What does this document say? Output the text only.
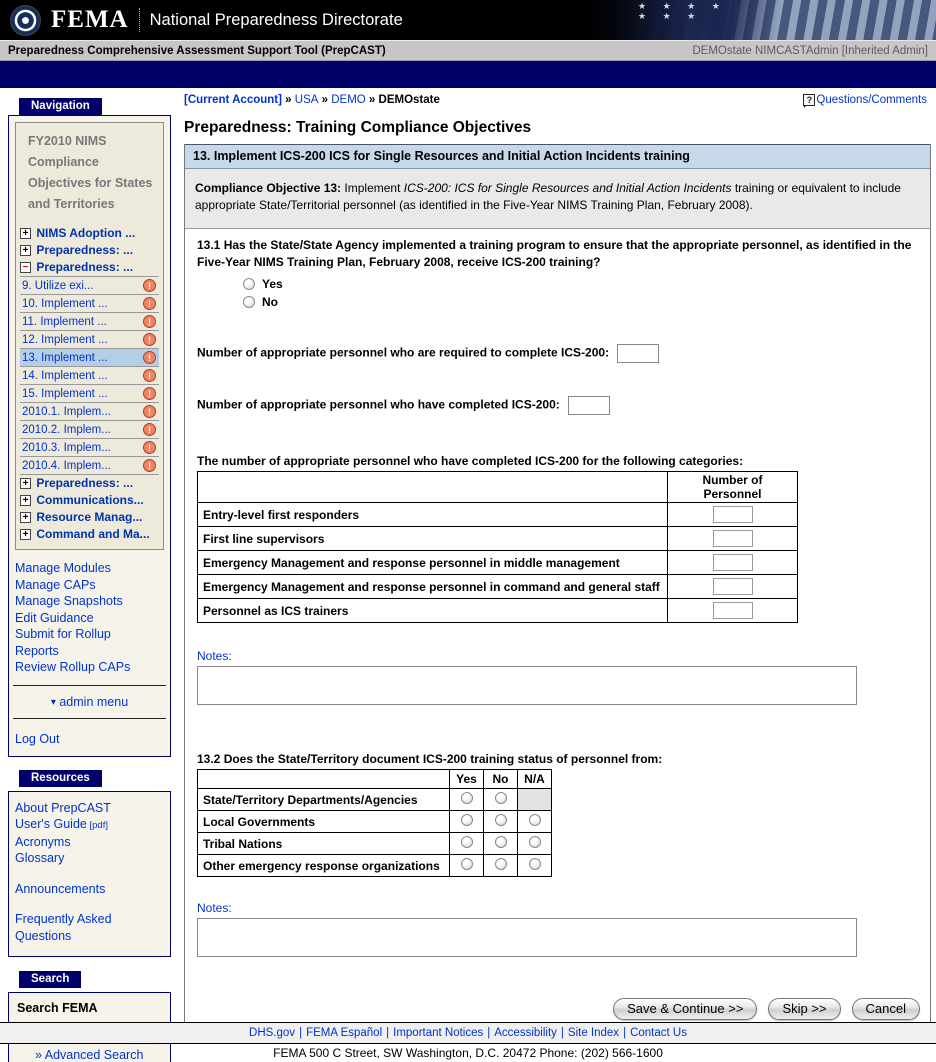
★ ★ ★ ★
★ ★ ★
FEMA National Preparedness Directorate
Preparedness Comprehensive Assessment Support Tool (PrepCAST)	DEMOstate NIMCASTAdmin [Inherited Admin]
Navigation
FY2010 NIMS Compliance Objectives for States and Territories
+ NIMS Adoption ...
+ Preparedness: ...
− Preparedness: ...
9. Utilize exi...	!
10. Implement ...	!
11. Implement ...	!
12. Implement ...	!
13. Implement ...	!
14. Implement ...	!
15. Implement ...	!
2010.1. Implem...	!
2010.2. Implem...	!
2010.3. Implem...	!
2010.4. Implem...	!
+ Preparedness: ...
+ Communications...
+ Resource Manag...
+ Command and Ma...
Manage Modules
Manage CAPs
Manage Snapshots
Edit Guidance
Submit for Rollup
Reports
Review Rollup CAPs
▾ admin menu
Log Out
Resources
About PrepCAST
User's Guide [pdf]
Acronyms
Glossary
Announcements
Frequently Asked Questions
Search
Search FEMA
» Advanced Search
[Current Account] » USA » DEMO » DEMOstate	? Questions/Comments
Preparedness: Training Compliance Objectives
13. Implement ICS-200 ICS for Single Resources and Initial Action Incidents training
Compliance Objective 13: Implement ICS-200: ICS for Single Resources and Initial Action Incidents training or equivalent to include appropriate State/Territorial personnel (as identified in the Five-Year NIMS Training Plan, February 2008).
13.1 Has the State/State Agency implemented a training program to ensure that the appropriate personnel, as identified in the Five-Year NIMS Training Plan, February 2008, receive ICS-200 training?
Yes
No
Number of appropriate personnel who are required to complete ICS-200:
Number of appropriate personnel who have completed ICS-200:
The number of appropriate personnel who have completed ICS-200 for the following categories:
	Number of Personnel
Entry-level first responders	
First line supervisors	
Emergency Management and response personnel in middle management	
Emergency Management and response personnel in command and general staff	
Personnel as ICS trainers	
Notes:
13.2 Does the State/Territory document ICS-200 training status of personnel from:
	Yes	No	N/A
State/Territory Departments/Agencies			
Local Governments			
Tribal Nations			
Other emergency response organizations			
Notes:
Save & Continue >>	Skip >>	Cancel
DHS.gov | FEMA Español | Important Notices | Accessibility | Site Index | Contact Us
FEMA 500 C Street, SW Washington, D.C. 20472 Phone: (202) 566-1600
